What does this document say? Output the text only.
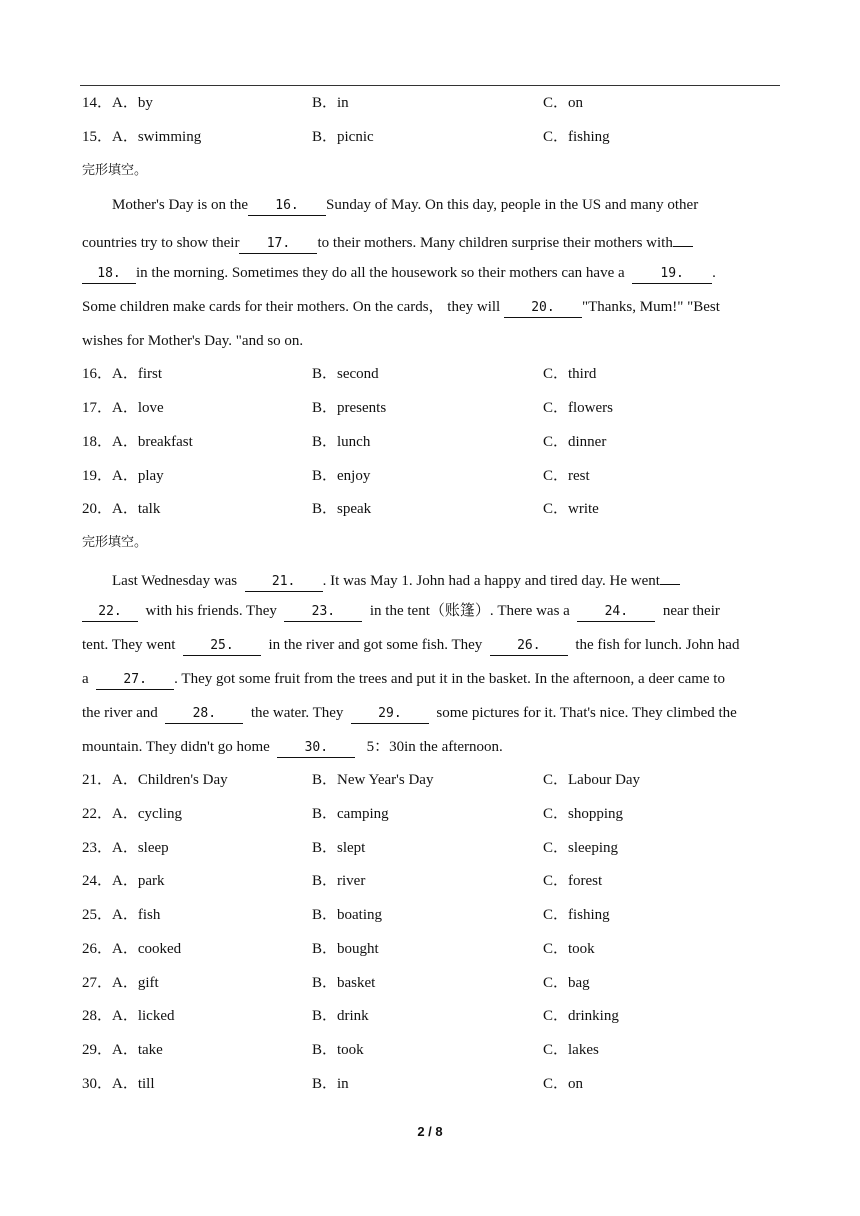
14．A．by	B．in	C．on
15．A．swimming	B．picnic	C．fishing
完形填空。
Mother's Day is on the 16. Sunday of May. On this day, people in the US and many other
countries try to show their 17. to their mothers. Many children surprise their mothers with
18. in the morning. Sometimes they do all the housework so their mothers can have a	19. .
Some children make cards for their mothers. On the cards， they will 20. "Thanks, Mum!" "Best
wishes for Mother's Day. "and so on.
16．A．first	B．second	C．third
17．A．love	B．presents	C．flowers
18．A．breakfast	B．lunch	C．dinner
19．A．play	B．enjoy	C．rest
20．A．talk	B．speak	C．write
完形填空。
Last Wednesday was	21. . It was May 1. John had a happy and tired day. He went
22. with his friends. They	23. in the tent（账篷）. There was a	24. near their
tent. They went	25. in the river and got some fish. They	26. the fish for lunch. John had
a	27. . They got some fruit from the trees and put it in the basket. In the afternoon, a deer came to
the river and	28. the water. They	29. some pictures for it. That's nice. They climbed the
mountain. They didn't go home	30.	5：30in the afternoon.
21．A．Children's Day	B．New Year's Day	C．Labour Day
22．A．cycling	B．camping	C．shopping
23．A．sleep	B．slept	C．sleeping
24．A．park	B．river	C．forest
25．A．fish	B．boating	C．fishing
26．A．cooked	B．bought	C．took
27．A．gift	B．basket	C．bag
28．A．licked	B．drink	C．drinking
29．A．take	B．took	C．lakes
30．A．till	B．in	C．on
2 / 8
